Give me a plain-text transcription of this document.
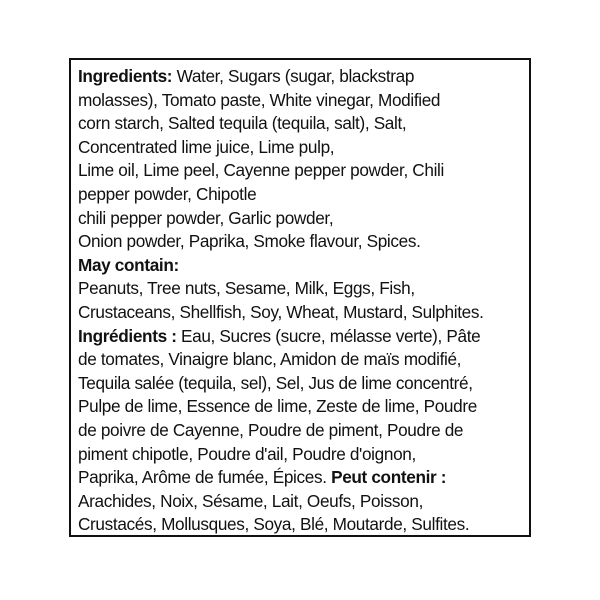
Ingredients: Water, Sugars (sugar, blackstrap
molasses), Tomato paste, White vinegar, Modified
corn starch, Salted tequila (tequila, salt), Salt,
Concentrated lime juice, Lime pulp,
Lime oil, Lime peel, Cayenne pepper powder, Chili
pepper powder, Chipotle
chili pepper powder, Garlic powder,
Onion powder, Paprika, Smoke flavour, Spices.
May contain:
Peanuts, Tree nuts, Sesame, Milk, Eggs, Fish,
Crustaceans, Shellfish, Soy, Wheat, Mustard, Sulphites.
Ingrédients : Eau, Sucres (sucre, mélasse verte), Pâte
de tomates, Vinaigre blanc, Amidon de maïs modifié,
Tequila salée (tequila, sel), Sel, Jus de lime concentré,
Pulpe de lime, Essence de lime, Zeste de lime, Poudre
de poivre de Cayenne, Poudre de piment, Poudre de
piment chipotle, Poudre d'ail, Poudre d'oignon,
Paprika, Arôme de fumée, Épices. Peut contenir :
Arachides, Noix, Sésame, Lait, Oeufs, Poisson,
Crustacés, Mollusques, Soya, Blé, Moutarde, Sulfites.
